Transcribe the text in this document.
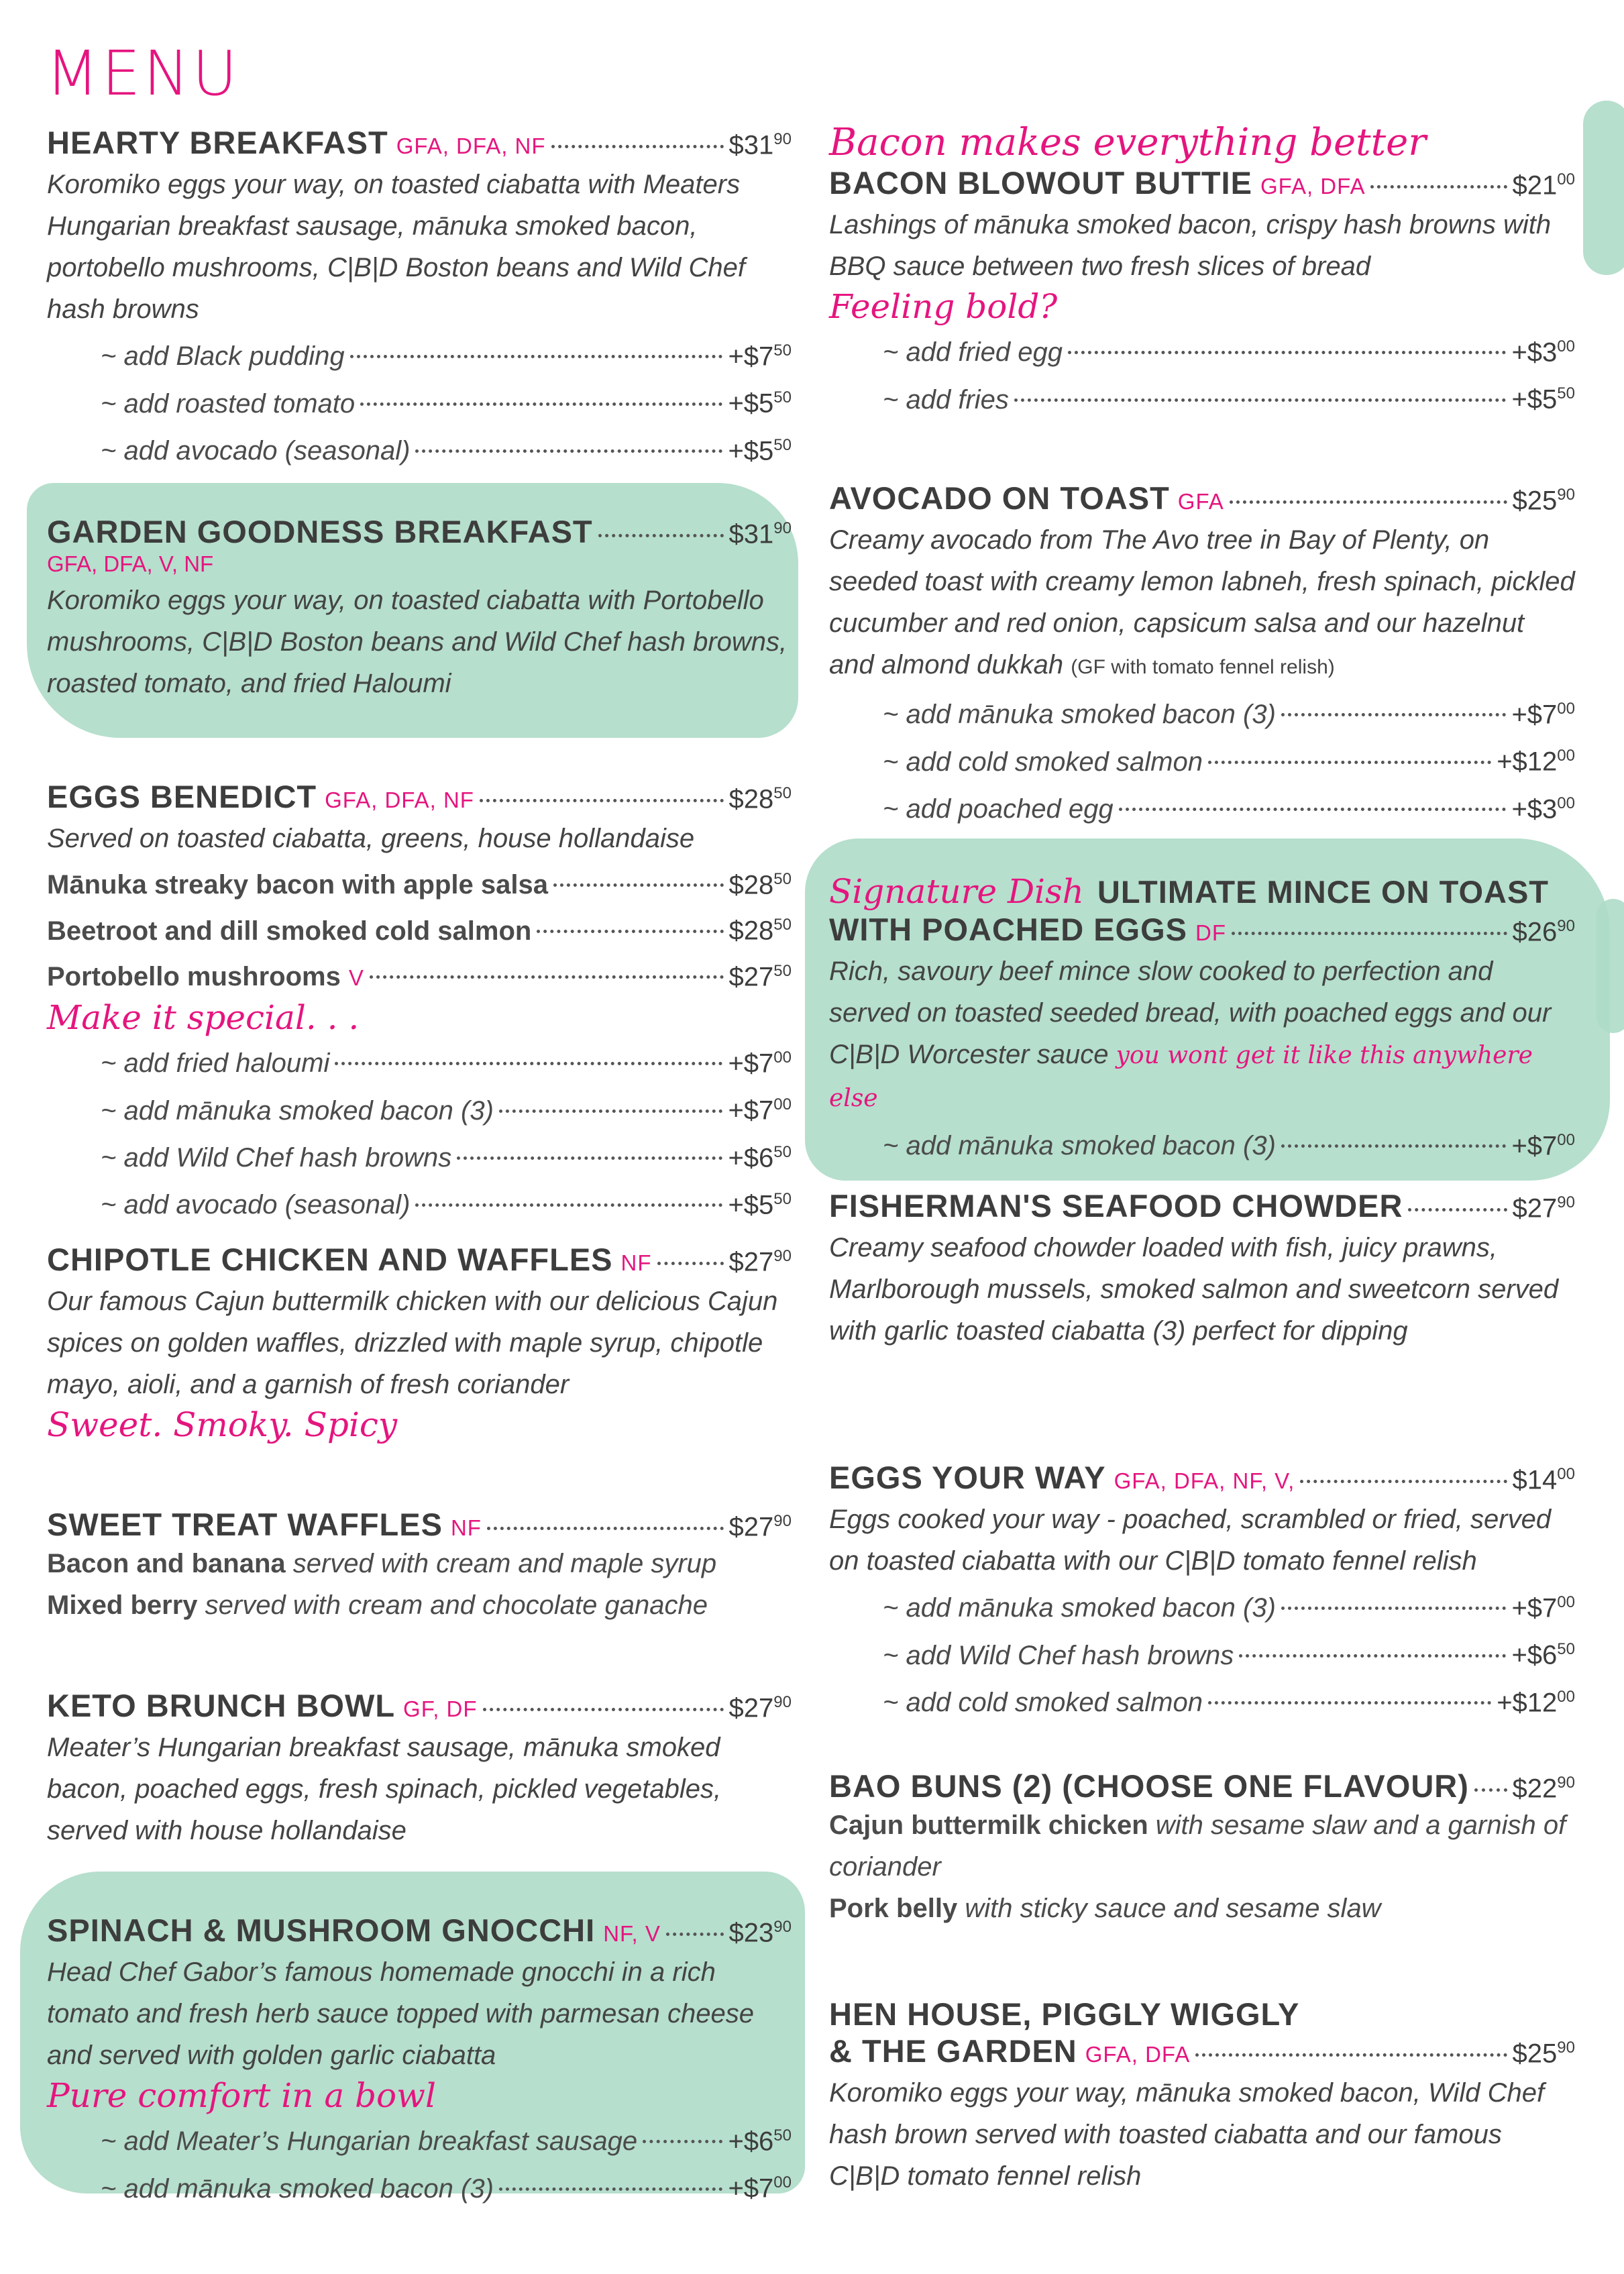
MENU
HEARTY BREAKFAST GFA, DFA, NF	$\$31^{90}$
Koromiko eggs your way, on toasted ciabatta with Meaters Hungarian breakfast sausage, mānuka smoked bacon, portobello mushrooms, C|B|D Boston beans and Wild Chef hash browns
~ add Black pudding	$+\$7^{50}$
~ add roasted tomato	$+\$5^{50}$
~ add avocado (seasonal)	$+\$5^{50}$
GARDEN GOODNESS BREAKFAST	$\$31^{90}$
GFA, DFA, V, NF
Koromiko eggs your way, on toasted ciabatta with Portobello mushrooms, C|B|D Boston beans and Wild Chef hash browns, roasted tomato, and fried Haloumi
EGGS BENEDICT GFA, DFA, NF	$\$28^{50}$
Served on toasted ciabatta, greens, house hollandaise
Mānuka streaky bacon with apple salsa	$\$28^{50}$
Beetroot and dill smoked cold salmon	$\$28^{50}$
Portobello mushrooms V	$\$27^{50}$
Make it special. . .
~ add fried haloumi	$+\$7^{00}$
~ add mānuka smoked bacon (3)	$+\$7^{00}$
~ add Wild Chef hash browns	$+\$6^{50}$
~ add avocado (seasonal)	$+\$5^{50}$
CHIPOTLE CHICKEN AND WAFFLES NF	$\$27^{90}$
Our famous Cajun buttermilk chicken with our delicious Cajun spices on golden waffles, drizzled with maple syrup, chipotle mayo, aioli, and a garnish of fresh coriander
Sweet. Smoky. Spicy
SWEET TREAT WAFFLES NF	$\$27^{90}$
Bacon and banana served with cream and maple syrup
Mixed berry served with cream and chocolate ganache
KETO BRUNCH BOWL GF, DF	$\$27^{90}$
Meater’s Hungarian breakfast sausage, mānuka smoked bacon, poached eggs, fresh spinach, pickled vegetables, served with house hollandaise
SPINACH & MUSHROOM GNOCCHI NF, V	$\$23^{90}$
Head Chef Gabor’s famous homemade gnocchi in a rich tomato and fresh herb sauce topped with parmesan cheese and served with golden garlic ciabatta
Pure comfort in a bowl
~ add Meater’s Hungarian breakfast sausage	$+\$6^{50}$
~ add mānuka smoked bacon (3)	$+\$7^{00}$
Bacon makes everything better
BACON BLOWOUT BUTTIE GFA, DFA	$\$21^{00}$
Lashings of mānuka smoked bacon, crispy hash browns with BBQ sauce between two fresh slices of bread
Feeling bold?
~ add fried egg	$+\$3^{00}$
~ add fries	$+\$5^{50}$
AVOCADO ON TOAST GFA	$\$25^{90}$
Creamy avocado from The Avo tree in Bay of Plenty, on seeded toast with creamy lemon labneh, fresh spinach, pickled cucumber and red onion, capsicum salsa and our hazelnut and almond dukkah (GF with tomato fennel relish)
~ add mānuka smoked bacon (3)	$+\$7^{00}$
~ add cold smoked salmon	$+\$12^{00}$
~ add poached egg	$+\$3^{00}$
Signature Dish ULTIMATE MINCE ON TOAST
WITH POACHED EGGS DF	$\$26^{90}$
Rich, savoury beef mince slow cooked to perfection and served on toasted seeded bread, with poached eggs and our C|B|D Worcester sauce you wont get it like this anywhere else
~ add mānuka smoked bacon (3)	$+\$7^{00}$
FISHERMAN'S SEAFOOD CHOWDER	$\$27^{90}$
Creamy seafood chowder loaded with fish, juicy prawns, Marlborough mussels, smoked salmon and sweetcorn served with garlic toasted ciabatta (3) perfect for dipping
EGGS YOUR WAY GFA, DFA, NF, V,	$\$14^{00}$
Eggs cooked your way - poached, scrambled or fried, served on toasted ciabatta with our C|B|D tomato fennel relish
~ add mānuka smoked bacon (3)	$+\$7^{00}$
~ add Wild Chef hash browns	$+\$6^{50}$
~ add cold smoked salmon	$+\$12^{00}$
BAO BUNS (2) (CHOOSE ONE FLAVOUR) $\$22^{90}$
Cajun buttermilk chicken with sesame slaw and a garnish of coriander
Pork belly with sticky sauce and sesame slaw
HEN HOUSE, PIGGLY WIGGLY
& THE GARDEN GFA, DFA	$\$25^{90}$
Koromiko eggs your way, mānuka smoked bacon, Wild Chef hash brown served with toasted ciabatta and our famous C|B|D tomato fennel relish
